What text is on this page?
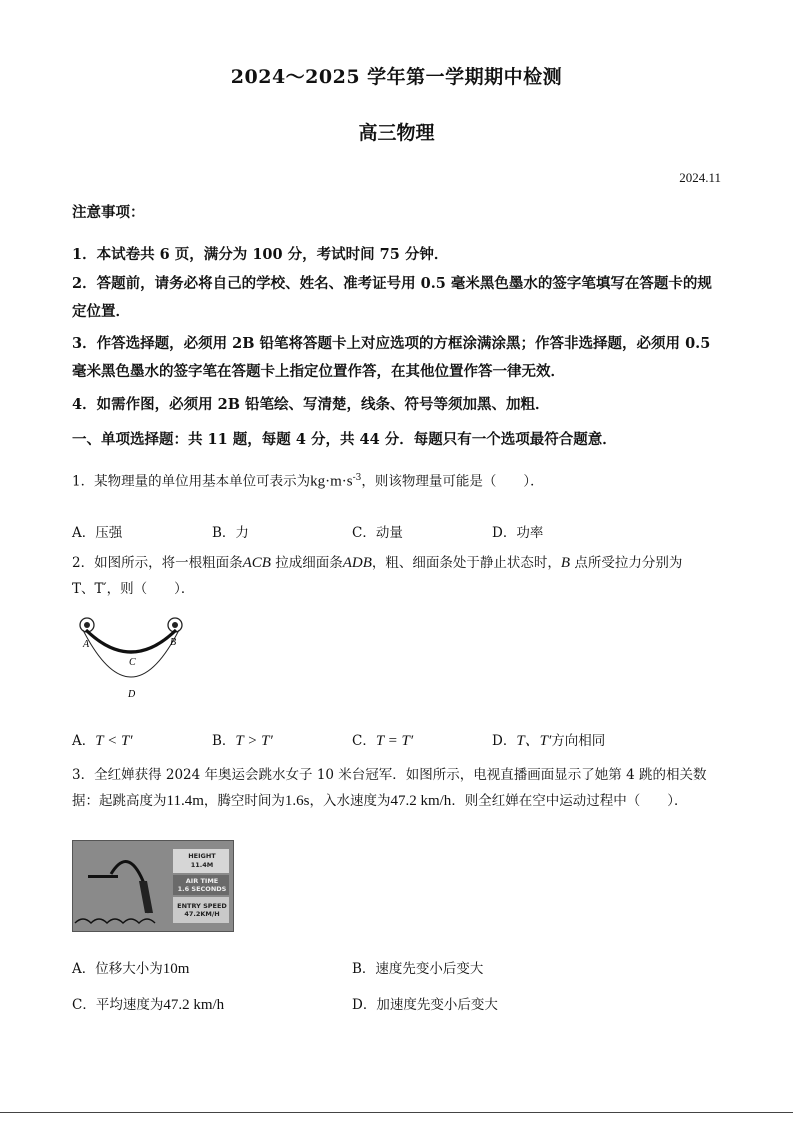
2024～2025 学年第一学期期中检测
高三物理
2024.11
注意事项：
1．本试卷共 6 页，满分为 100 分，考试时间 75 分钟．
2．答题前，请务必将自己的学校、姓名、准考证号用 0.5 毫米黑色墨水的签字笔填写在答题卡的规定位置．
3．作答选择题，必须用 2B 铅笔将答题卡上对应选项的方框涂满涂黑；作答非选择题，必须用 0.5 毫米黑色墨水的签字笔在答题卡上指定位置作答，在其他位置作答一律无效．
4．如需作图，必须用 2B 铅笔绘、写清楚，线条、符号等须加黑、加粗．
一、单项选择题：共 11 题，每题 4 分，共 44 分．每题只有一个选项最符合题意．
1．某物理量的单位用基本单位可表示为$kg\cdot m\cdot s^{-3}$，则该物理量可能是（　　）．
A．压强	B．力	C．动量	D．功率
2．如图所示，将一根粗面条ACB 拉成细面条ADB，粗、细面条处于静止状态时，B 点所受拉力分别为
T、T′，则（　　）．
A	B
C
D
A．T < T′	B．T > T′	C．T = T′	D．T、T′方向相同
3．全红婵获得 2024 年奥运会跳水女子 10 米台冠军．如图所示，电视直播画面显示了她第 4 跳的相关数
据：起跳高度为11.4m，腾空时间为1.6s，入水速度为47.2 km/h．则全红婵在空中运动过程中（　　）．
HEIGHT
11.4M
AIR TIME
1.6 SECONDS
ENTRY SPEED
47.2KM/H
A．位移大小为10m	B．速度先变小后变大
C．平均速度为47.2 km/h	D．加速度先变小后变大
